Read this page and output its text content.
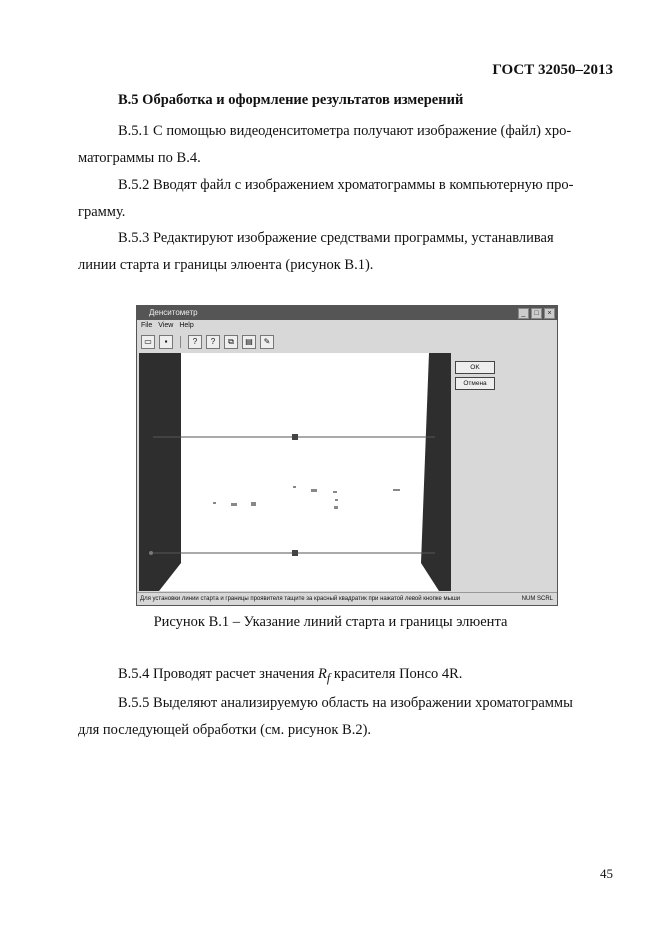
ГОСТ 32050–2013
В.5 Обработка и оформление результатов измерений
В.5.1 С помощью видеоденситометра получают изображение (файл) хро-
матограммы по В.4.
В.5.2 Вводят файл с изображением хроматограммы в компьютерную про-
грамму.
В.5.3 Редактируют изображение средствами программы, устанавливая
линии старта и границы элюента (рисунок В.1).
Денситометр	_	□	×
File View Help
▭	▪	?	?	⧉	▤	✎
OK
Отмена
Для установки линии старта и границы проявителя тащите за красный квадратик при нажатой левой кнопке мыши	NUM SCRL
Рисунок В.1 – Указание линий старта и границы элюента
В.5.4 Проводят расчет значения $R_f$ красителя Понсо 4R.
В.5.5 Выделяют анализируемую область на изображении хроматограммы
для последующей обработки (см. рисунок В.2).
45
